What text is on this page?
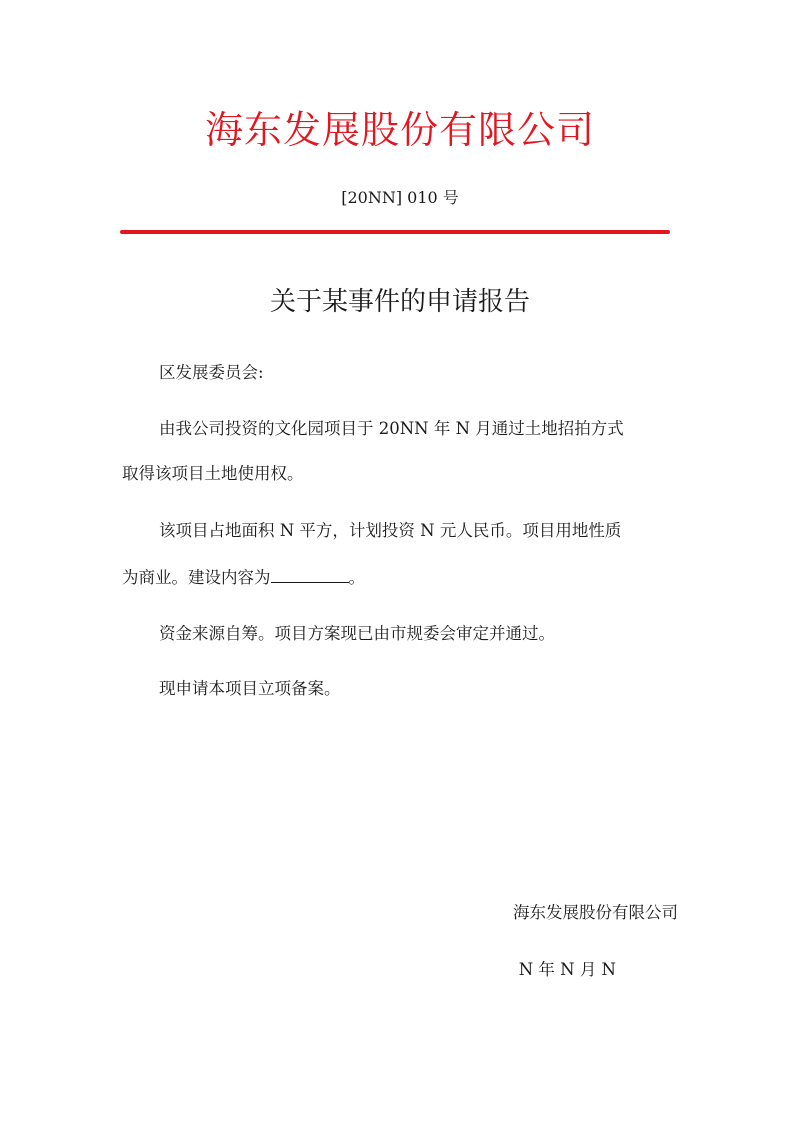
海东发展股份有限公司
[20NN] 010 号
关于某事件的申请报告

区发展委员会:

由我公司投资的文化园项目于 20NN 年 N 月通过土地招拍方式
取得该项目土地使用权。

该项目占地面积 N 平方，计划投资 N 元人民币。项目用地性质
为商业。建设内容为	。

资金来源自筹。项目方案现已由市规委会审定并通过。

现申请本项目立项备案。

海东发展股份有限公司
N 年 N 月 N
